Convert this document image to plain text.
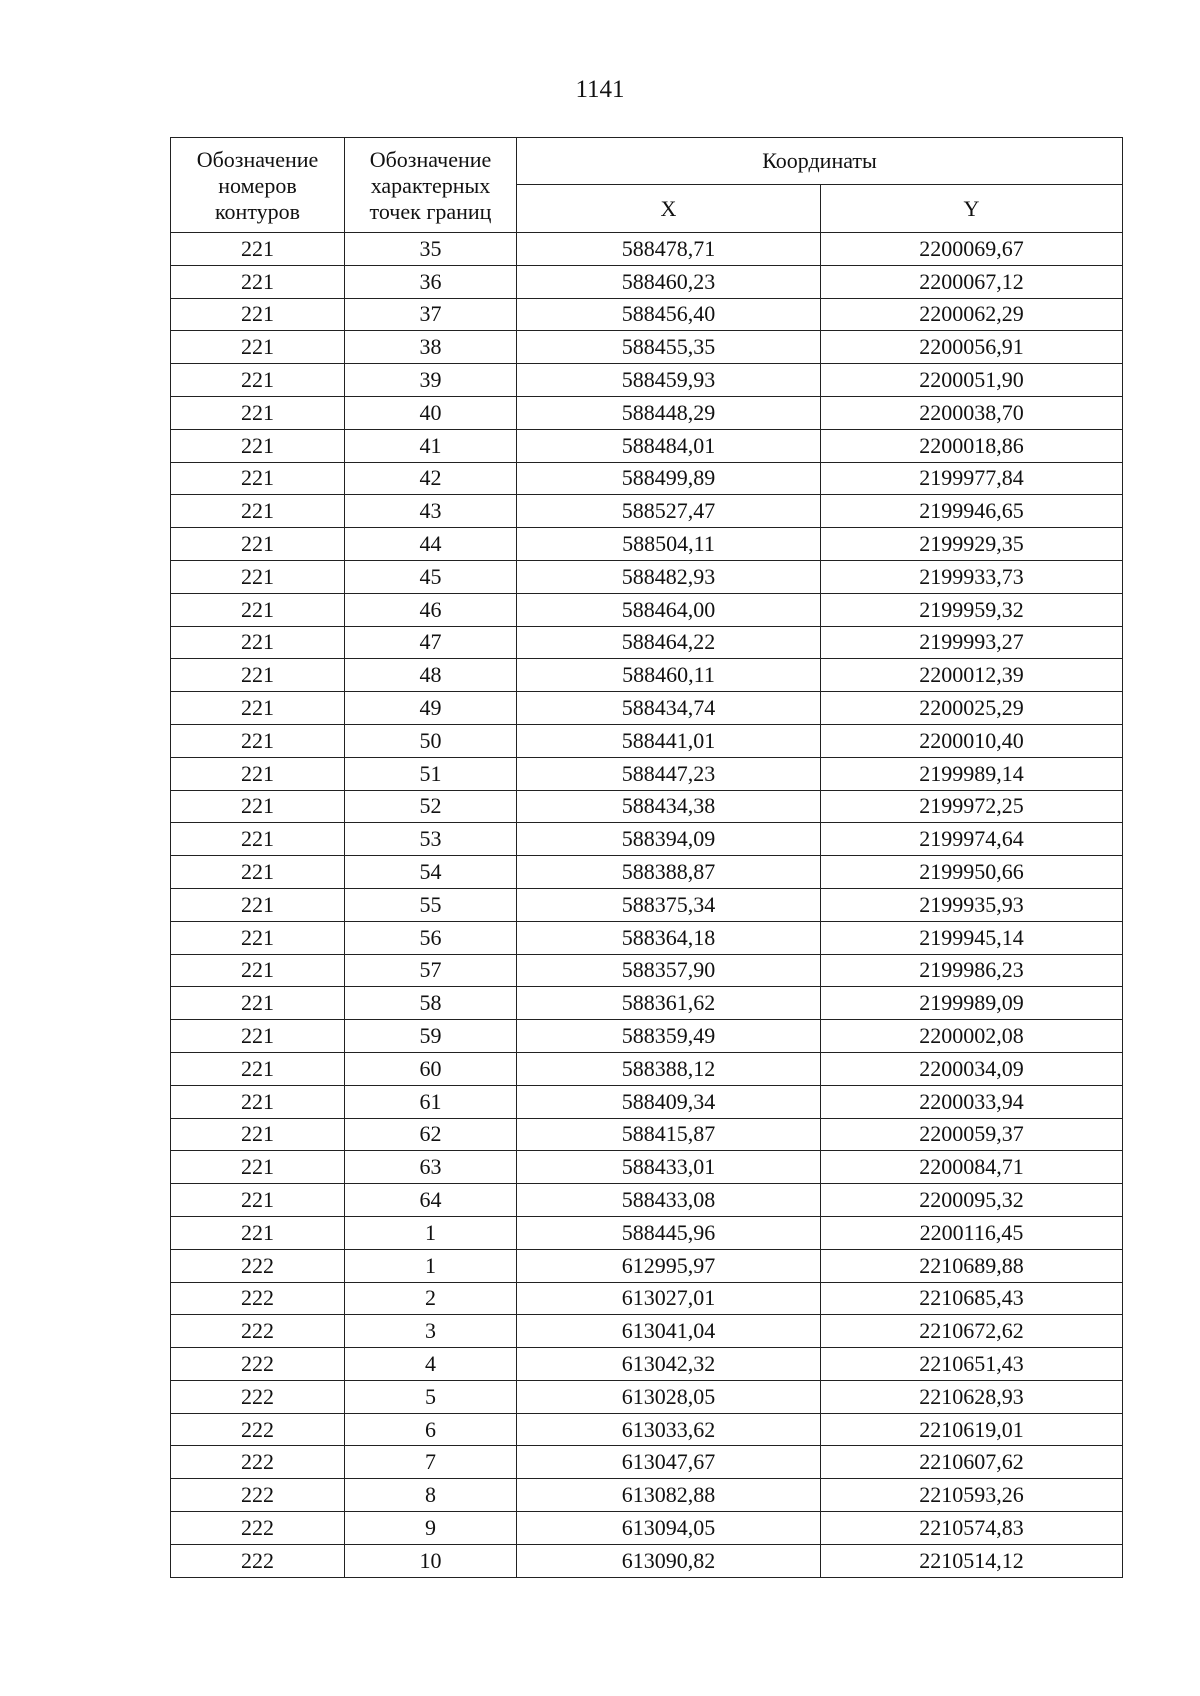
1141
Обозначение
номеров
контуров	Обозначение
характерных
точек границ	Координаты	
		X	Y
221	35	588478,71	2200069,67
221	36	588460,23	2200067,12
221	37	588456,40	2200062,29
221	38	588455,35	2200056,91
221	39	588459,93	2200051,90
221	40	588448,29	2200038,70
221	41	588484,01	2200018,86
221	42	588499,89	2199977,84
221	43	588527,47	2199946,65
221	44	588504,11	2199929,35
221	45	588482,93	2199933,73
221	46	588464,00	2199959,32
221	47	588464,22	2199993,27
221	48	588460,11	2200012,39
221	49	588434,74	2200025,29
221	50	588441,01	2200010,40
221	51	588447,23	2199989,14
221	52	588434,38	2199972,25
221	53	588394,09	2199974,64
221	54	588388,87	2199950,66
221	55	588375,34	2199935,93
221	56	588364,18	2199945,14
221	57	588357,90	2199986,23
221	58	588361,62	2199989,09
221	59	588359,49	2200002,08
221	60	588388,12	2200034,09
221	61	588409,34	2200033,94
221	62	588415,87	2200059,37
221	63	588433,01	2200084,71
221	64	588433,08	2200095,32
221	1	588445,96	2200116,45
222	1	612995,97	2210689,88
222	2	613027,01	2210685,43
222	3	613041,04	2210672,62
222	4	613042,32	2210651,43
222	5	613028,05	2210628,93
222	6	613033,62	2210619,01
222	7	613047,67	2210607,62
222	8	613082,88	2210593,26
222	9	613094,05	2210574,83
222	10	613090,82	2210514,12
